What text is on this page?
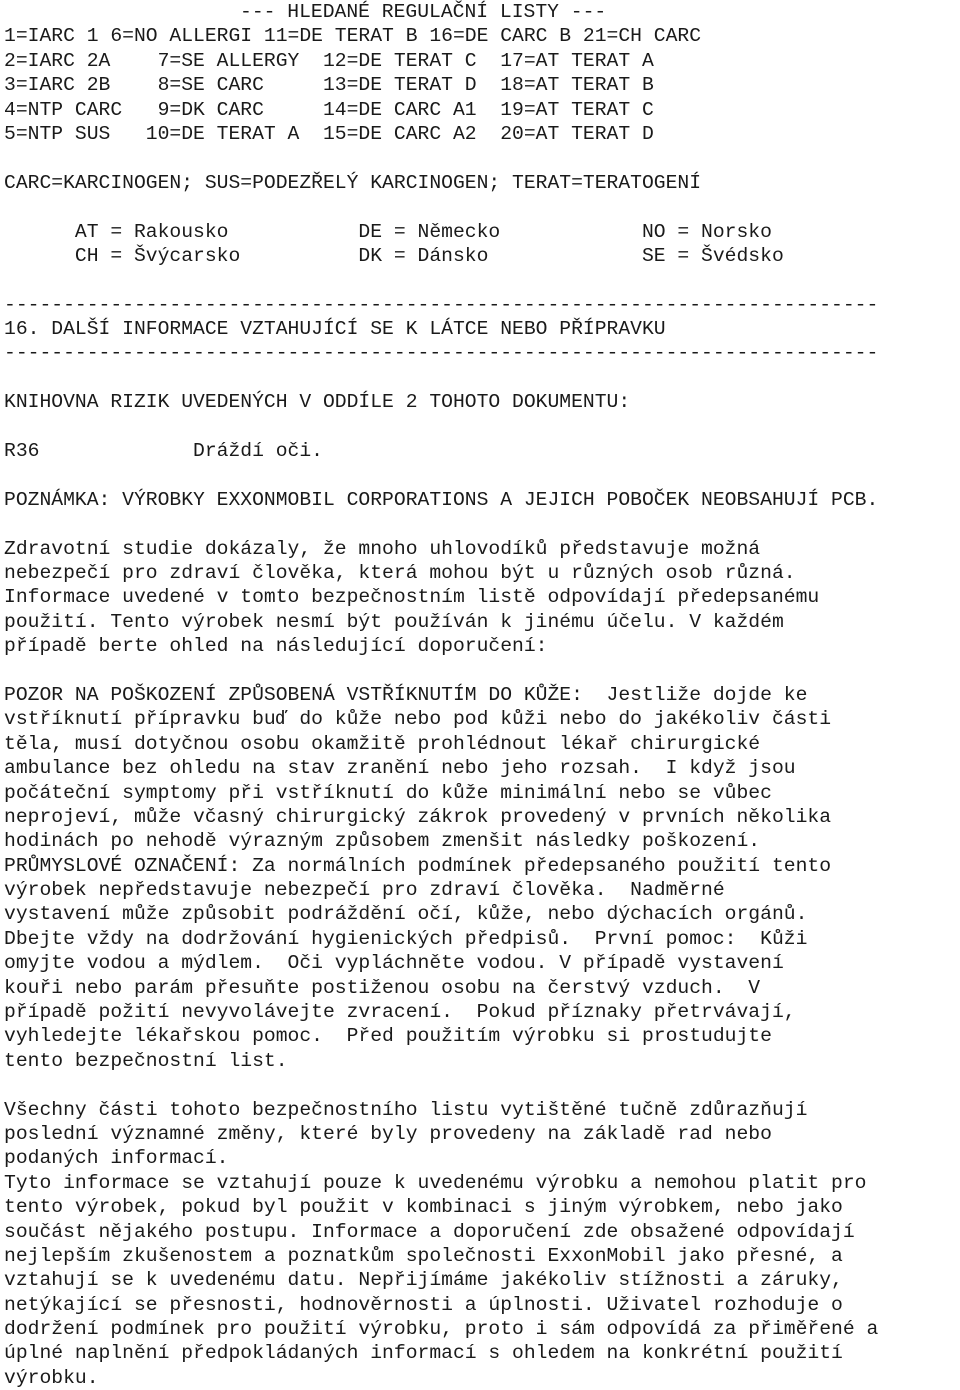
--- HLEDANÉ REGULAČNÍ LISTY ---
1=IARC 1 6=NO ALLERGI 11=DE TERAT B 16=DE CARC B 21=CH CARC
2=IARC 2A    7=SE ALLERGY  12=DE TERAT C  17=AT TERAT A
3=IARC 2B    8=SE CARC     13=DE TERAT D  18=AT TERAT B
4=NTP CARC   9=DK CARC     14=DE CARC A1  19=AT TERAT C
5=NTP SUS   10=DE TERAT A  15=DE CARC A2  20=AT TERAT D
CARC=KARCINOGEN; SUS=PODEZŘELÝ KARCINOGEN; TERAT=TERATOGENÍ
AT = Rakousko           DE = Německo            NO = Norsko
CH = Švýcarsko          DK = Dánsko             SE = Švédsko
--------------------------------------------------------------------------
16. DALŠÍ INFORMACE VZTAHUJÍCÍ SE K LÁTCE NEBO PŘÍPRAVKU
--------------------------------------------------------------------------
KNIHOVNA RIZIK UVEDENÝCH V ODDÍLE 2 TOHOTO DOKUMENTU:
R36             Dráždí oči.
POZNÁMKA: VÝROBKY EXXONMOBIL CORPORATIONS A JEJICH POBOČEK NEOBSAHUJÍ PCB.
Zdravotní studie dokázaly, že mnoho uhlovodíků představuje možná
nebezpečí pro zdraví člověka, která mohou být u různých osob různá.
Informace uvedené v tomto bezpečnostním listě odpovídají předepsanému
použití. Tento výrobek nesmí být používán k jinému účelu. V každém
případě berte ohled na následující doporučení:
POZOR NA POŠKOZENÍ ZPŮSOBENÁ VSTŘÍKNUTÍM DO KŮŽE:  Jestliže dojde ke
vstříknutí přípravku buď do kůže nebo pod kůži nebo do jakékoliv části
těla, musí dotyčnou osobu okamžitě prohlédnout lékař chirurgické
ambulance bez ohledu na stav zranění nebo jeho rozsah.  I když jsou
počáteční symptomy při vstříknutí do kůže minimální nebo se vůbec
neprojeví, může včasný chirurgický zákrok provedený v prvních několika
hodinách po nehodě výrazným způsobem zmenšit následky poškození.
PRŮMYSLOVÉ OZNAČENÍ: Za normálních podmínek předepsaného použití tento
výrobek nepředstavuje nebezpečí pro zdraví člověka.  Nadměrné
vystavení může způsobit podráždění očí, kůže, nebo dýchacích orgánů.
Dbejte vždy na dodržování hygienických předpisů.  První pomoc:  Kůži
omyjte vodou a mýdlem.  Oči vypláchněte vodou. V případě vystavení
kouři nebo parám přesuňte postiženou osobu na čerstvý vzduch.  V
případě požití nevyvolávejte zvracení.  Pokud příznaky přetrvávají,
vyhledejte lékařskou pomoc.  Před použitím výrobku si prostudujte
tento bezpečnostní list.
Všechny části tohoto bezpečnostního listu vytištěné tučně zdůrazňují
poslední významné změny, které byly provedeny na základě rad nebo
podaných informací.
Tyto informace se vztahují pouze k uvedenému výrobku a nemohou platit pro
tento výrobek, pokud byl použit v kombinaci s jiným výrobkem, nebo jako
součást nějakého postupu. Informace a doporučení zde obsažené odpovídají
nejlepším zkušenostem a poznatkům společnosti ExxonMobil jako přesné, a
vztahují se k uvedenému datu. Nepřijímáme jakékoliv stížnosti a záruky,
netýkající se přesnosti, hodnověrnosti a úplnosti. Uživatel rozhoduje o
dodržení podmínek pro použití výrobku, proto i sám odpovídá za přiměřené a
úplné naplnění předpokládaných informací s ohledem na konkrétní použití
výrobku.
